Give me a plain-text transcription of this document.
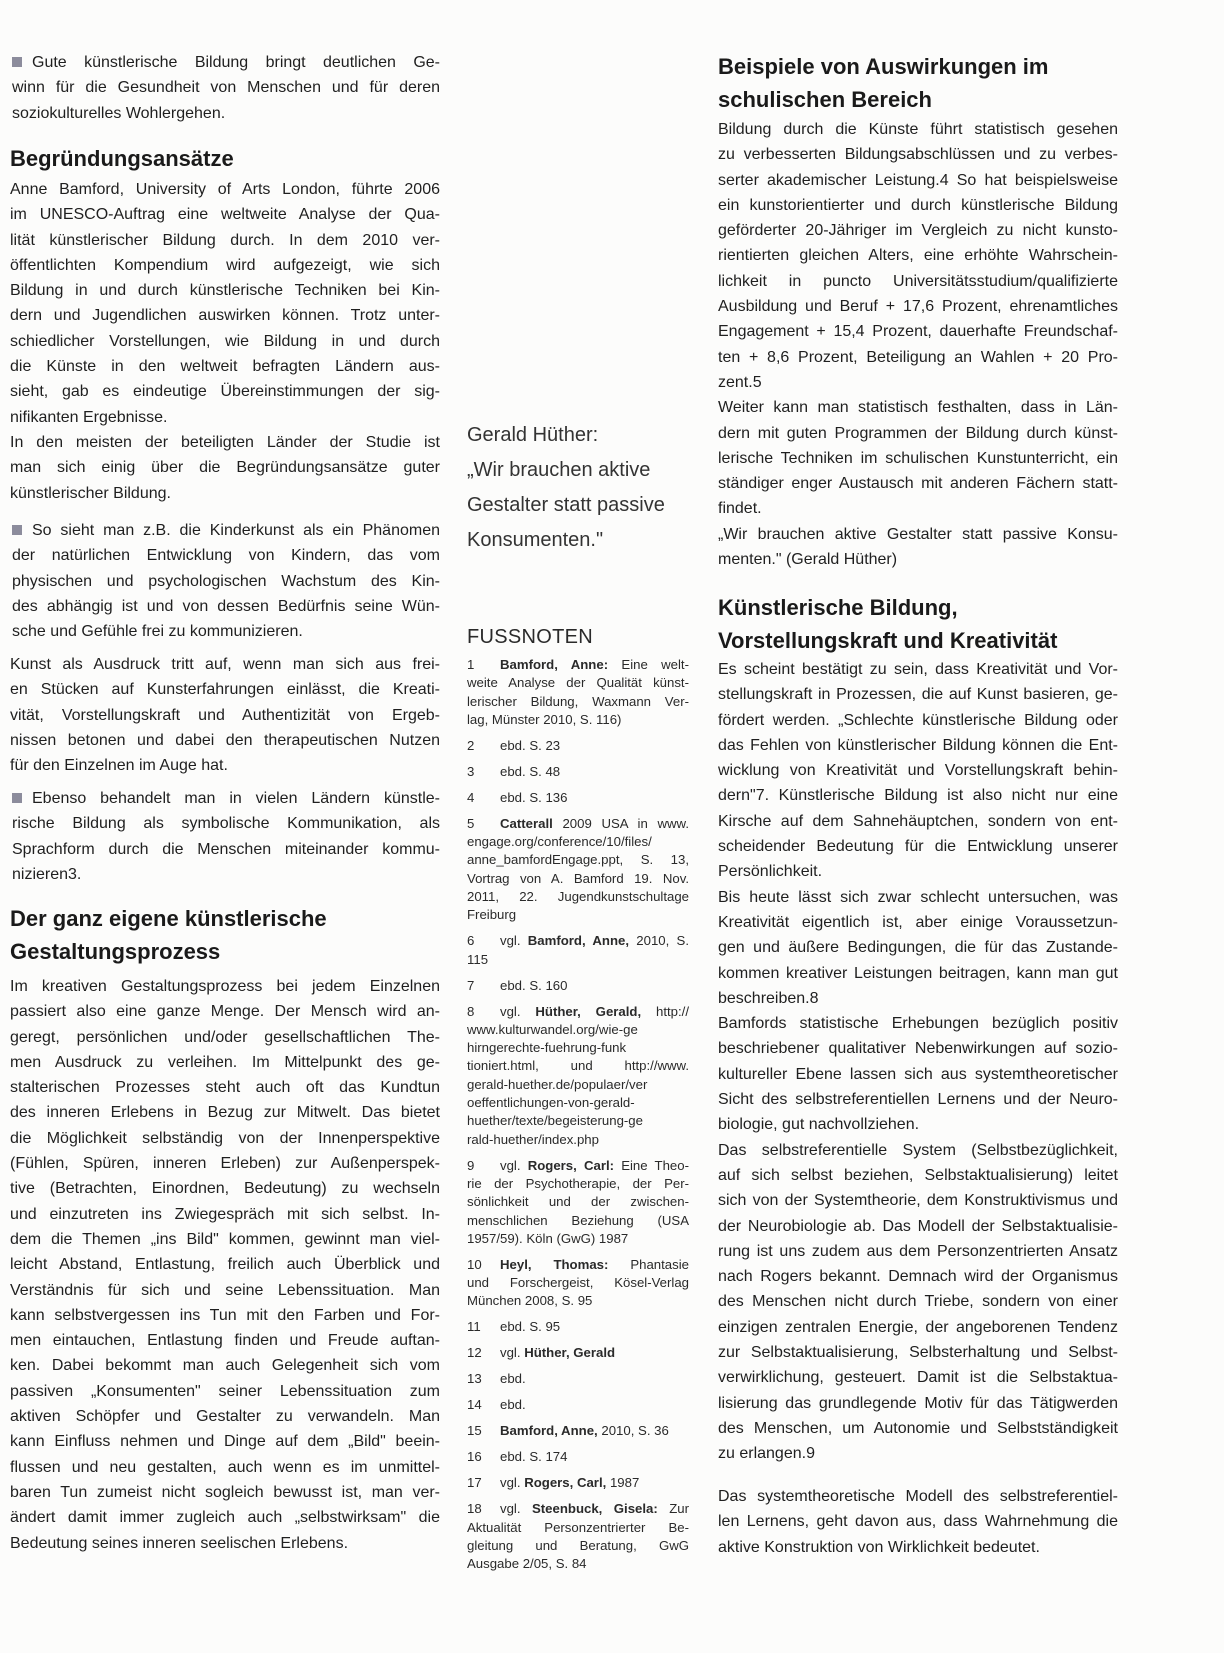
Gute künstlerische Bildung bringt deutlichen Ge-
winn für die Gesundheit von Menschen und für deren
soziokulturelles Wohlergehen.
Begründungsansätze
Anne Bamford, University of Arts London, führte 2006
im UNESCO-Auftrag eine weltweite Analyse der Qua-
lität künstlerischer Bildung durch. In dem 2010 ver-
öffentlichten Kompendium wird aufgezeigt, wie sich
Bildung in und durch künstlerische Techniken bei Kin-
dern und Jugendlichen auswirken können. Trotz unter-
schiedlicher Vorstellungen, wie Bildung in und durch
die Künste in den weltweit befragten Ländern aus-
sieht, gab es eindeutige Übereinstimmungen der sig-
nifikanten Ergebnisse.
In den meisten der beteiligten Länder der Studie ist
man sich einig über die Begründungsansätze guter
künstlerischer Bildung.
So sieht man z.B. die Kinderkunst als ein Phänomen
der natürlichen Entwicklung von Kindern, das vom
physischen und psychologischen Wachstum des Kin-
des abhängig ist und von dessen Bedürfnis seine Wün-
sche und Gefühle frei zu kommunizieren.
Kunst als Ausdruck tritt auf, wenn man sich aus frei-
en Stücken auf Kunsterfahrungen einlässt, die Kreati-
vität, Vorstellungskraft und Authentizität von Ergeb-
nissen betonen und dabei den therapeutischen Nutzen
für den Einzelnen im Auge hat.
Ebenso behandelt man in vielen Ländern künstle-
rische Bildung als symbolische Kommunikation, als
Sprachform durch die Menschen miteinander kommu-
nizieren3.
Der ganz eigene künstlerische
Gestaltungsprozess
Im kreativen Gestaltungsprozess bei jedem Einzelnen
passiert also eine ganze Menge. Der Mensch wird an-
geregt, persönlichen und/oder gesellschaftlichen The-
men Ausdruck zu verleihen. Im Mittelpunkt des ge-
stalterischen Prozesses steht auch oft das Kundtun
des inneren Erlebens in Bezug zur Mitwelt. Das bietet
die Möglichkeit selbständig von der Innenperspektive
(Fühlen, Spüren, inneren Erleben) zur Außenperspek-
tive (Betrachten, Einordnen, Bedeutung) zu wechseln
und einzutreten ins Zwiegespräch mit sich selbst. In-
dem die Themen „ins Bild" kommen, gewinnt man viel-
leicht Abstand, Entlastung, freilich auch Überblick und
Verständnis für sich und seine Lebenssituation. Man
kann selbstvergessen ins Tun mit den Farben und For-
men eintauchen, Entlastung finden und Freude auftan-
ken. Dabei bekommt man auch Gelegenheit sich vom
passiven „Konsumenten" seiner Lebenssituation zum
aktiven Schöpfer und Gestalter zu verwandeln. Man
kann Einfluss nehmen und Dinge auf dem „Bild" beein-
flussen und neu gestalten, auch wenn es im unmittel-
baren Tun zumeist nicht sogleich bewusst ist, man ver-
ändert damit immer zugleich auch „selbstwirksam" die
Bedeutung seines inneren seelischen Erlebens.
Gerald Hüther:
„Wir brauchen aktive
Gestalter statt passive
Konsumenten."
FUSSNOTEN
1 Bamford, Anne: Eine welt-
weite Analyse der Qualität künst-
lerischer Bildung, Waxmann Ver-
lag, Münster 2010, S. 116)
2 ebd. S. 23
3 ebd. S. 48
4 ebd. S. 136
5 Catterall 2009 USA in www.
engage.org/conference/10/files/
anne_bamfordEngage.ppt, S. 13,
Vortrag von A. Bamford 19. Nov.
2011, 22. Jugendkunstschultage
Freiburg
6 vgl. Bamford, Anne, 2010, S.
115
7 ebd. S. 160
8 vgl. Hüther, Gerald, http://
www.kulturwandel.org/wie-ge
hirngerechte-fuehrung-funk
tioniert.html, und http://www.
gerald-huether.de/populaer/ver
oeffentlichungen-von-gerald-
huether/texte/begeisterung-ge
rald-huether/index.php
9 vgl. Rogers, Carl: Eine Theo-
rie der Psychotherapie, der Per-
sönlichkeit und der zwischen-
menschlichen Beziehung (USA
1957/59). Köln (GwG) 1987
10 Heyl, Thomas: Phantasie
und Forschergeist, Kösel-Verlag
München 2008, S. 95
11 ebd. S. 95
12 vgl. Hüther, Gerald
13 ebd.
14 ebd.
15 Bamford, Anne, 2010, S. 36
16 ebd. S. 174
17 vgl. Rogers, Carl, 1987
18 vgl. Steenbuck, Gisela: Zur
Aktualität Personzentrierter Be-
gleitung und Beratung, GwG
Ausgabe 2/05, S. 84
Beispiele von Auswirkungen im
schulischen Bereich
Bildung durch die Künste führt statistisch gesehen
zu verbesserten Bildungsabschlüssen und zu verbes-
serter akademischer Leistung.4 So hat beispielsweise
ein kunstorientierter und durch künstlerische Bildung
geförderter 20-Jähriger im Vergleich zu nicht kunsto-
rientierten gleichen Alters, eine erhöhte Wahrschein-
lichkeit in puncto Universitätsstudium/qualifizierte
Ausbildung und Beruf + 17,6 Prozent, ehrenamtliches
Engagement + 15,4 Prozent, dauerhafte Freundschaf-
ten + 8,6 Prozent, Beteiligung an Wahlen + 20 Pro-
zent.5
Weiter kann man statistisch festhalten, dass in Län-
dern mit guten Programmen der Bildung durch künst-
lerische Techniken im schulischen Kunstunterricht, ein
ständiger enger Austausch mit anderen Fächern statt-
findet.
„Wir brauchen aktive Gestalter statt passive Konsu-
menten." (Gerald Hüther)
Künstlerische Bildung,
Vorstellungskraft und Kreativität
Es scheint bestätigt zu sein, dass Kreativität und Vor-
stellungskraft in Prozessen, die auf Kunst basieren, ge-
fördert werden. „Schlechte künstlerische Bildung oder
das Fehlen von künstlerischer Bildung können die Ent-
wicklung von Kreativität und Vorstellungskraft behin-
dern"7. Künstlerische Bildung ist also nicht nur eine
Kirsche auf dem Sahnehäuptchen, sondern von ent-
scheidender Bedeutung für die Entwicklung unserer
Persönlichkeit.
Bis heute lässt sich zwar schlecht untersuchen, was
Kreativität eigentlich ist, aber einige Voraussetzun-
gen und äußere Bedingungen, die für das Zustande-
kommen kreativer Leistungen beitragen, kann man gut
beschreiben.8
Bamfords statistische Erhebungen bezüglich positiv
beschriebener qualitativer Nebenwirkungen auf sozio-
kultureller Ebene lassen sich aus systemtheoretischer
Sicht des selbstreferentiellen Lernens und der Neuro-
biologie, gut nachvollziehen.
Das selbstreferentielle System (Selbstbezüglichkeit,
auf sich selbst beziehen, Selbstaktualisierung) leitet
sich von der Systemtheorie, dem Konstruktivismus und
der Neurobiologie ab. Das Modell der Selbstaktualisie-
rung ist uns zudem aus dem Personzentrierten Ansatz
nach Rogers bekannt. Demnach wird der Organismus
des Menschen nicht durch Triebe, sondern von einer
einzigen zentralen Energie, der angeborenen Tendenz
zur Selbstaktualisierung, Selbsterhaltung und Selbst-
verwirklichung, gesteuert. Damit ist die Selbstaktua-
lisierung das grundlegende Motiv für das Tätigwerden
des Menschen, um Autonomie und Selbstständigkeit
zu erlangen.9
Das systemtheoretische Modell des selbstreferentiel-
len Lernens, geht davon aus, dass Wahrnehmung die
aktive Konstruktion von Wirklichkeit bedeutet.
